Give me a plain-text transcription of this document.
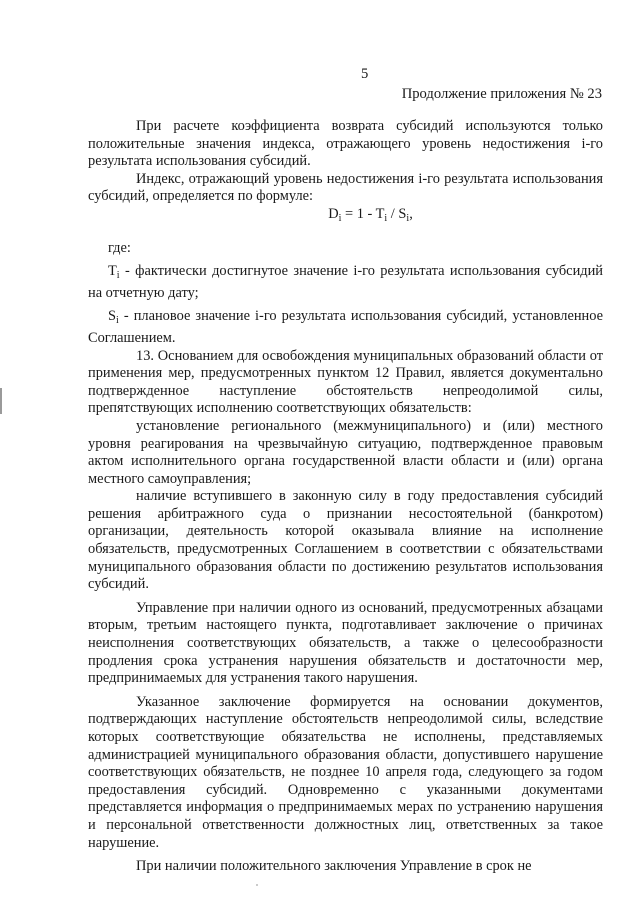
5
Продолжение приложения № 23

При расчете коэффициента возврата субсидий используются только положительные значения индекса, отражающего уровень недостижения i-го результата использования субсидий.

Индекс, отражающий уровень недостижения i-го результата использования субсидий, определяется по формуле:

$D_i = 1 - T_i / S_i$,

где:

$T_i$ - фактически достигнутое значение i-го результата использования субсидий на отчетную дату;

$S_i$ - плановое значение i-го результата использования субсидий, установленное Соглашением.

13. Основанием для освобождения муниципальных образований области от применения мер, предусмотренных пунктом 12 Правил, является документально подтвержденное наступление обстоятельств непреодолимой силы, препятствующих исполнению соответствующих обязательств:

установление регионального (межмуниципального) и (или) местного уровня реагирования на чрезвычайную ситуацию, подтвержденное правовым актом исполнительного органа государственной власти области и (или) органа местного самоуправления;

наличие вступившего в законную силу в году предоставления субсидий решения арбитражного суда о признании несостоятельной (банкротом) организации, деятельность которой оказывала влияние на исполнение обязательств, предусмотренных Соглашением в соответствии с обязательствами муниципального образования области по достижению результатов использования субсидий.

Управление при наличии одного из оснований, предусмотренных абзацами вторым, третьим настоящего пункта, подготавливает заключение о причинах неисполнения соответствующих обязательств, а также о целесообразности продления срока устранения нарушения обязательств и достаточности мер, предпринимаемых для устранения такого нарушения.

Указанное заключение формируется на основании документов, подтверждающих наступление обстоятельств непреодолимой силы, вследствие которых соответствующие обязательства не исполнены, представляемых администрацией муниципального образования области, допустившего нарушение соответствующих обязательств, не позднее 10 апреля года, следующего за годом предоставления субсидий. Одновременно с указанными документами представляется информация о предпринимаемых мерах по устранению нарушения и персональной ответственности должностных лиц, ответственных за такое нарушение.

При наличии положительного заключения Управление в срок не
